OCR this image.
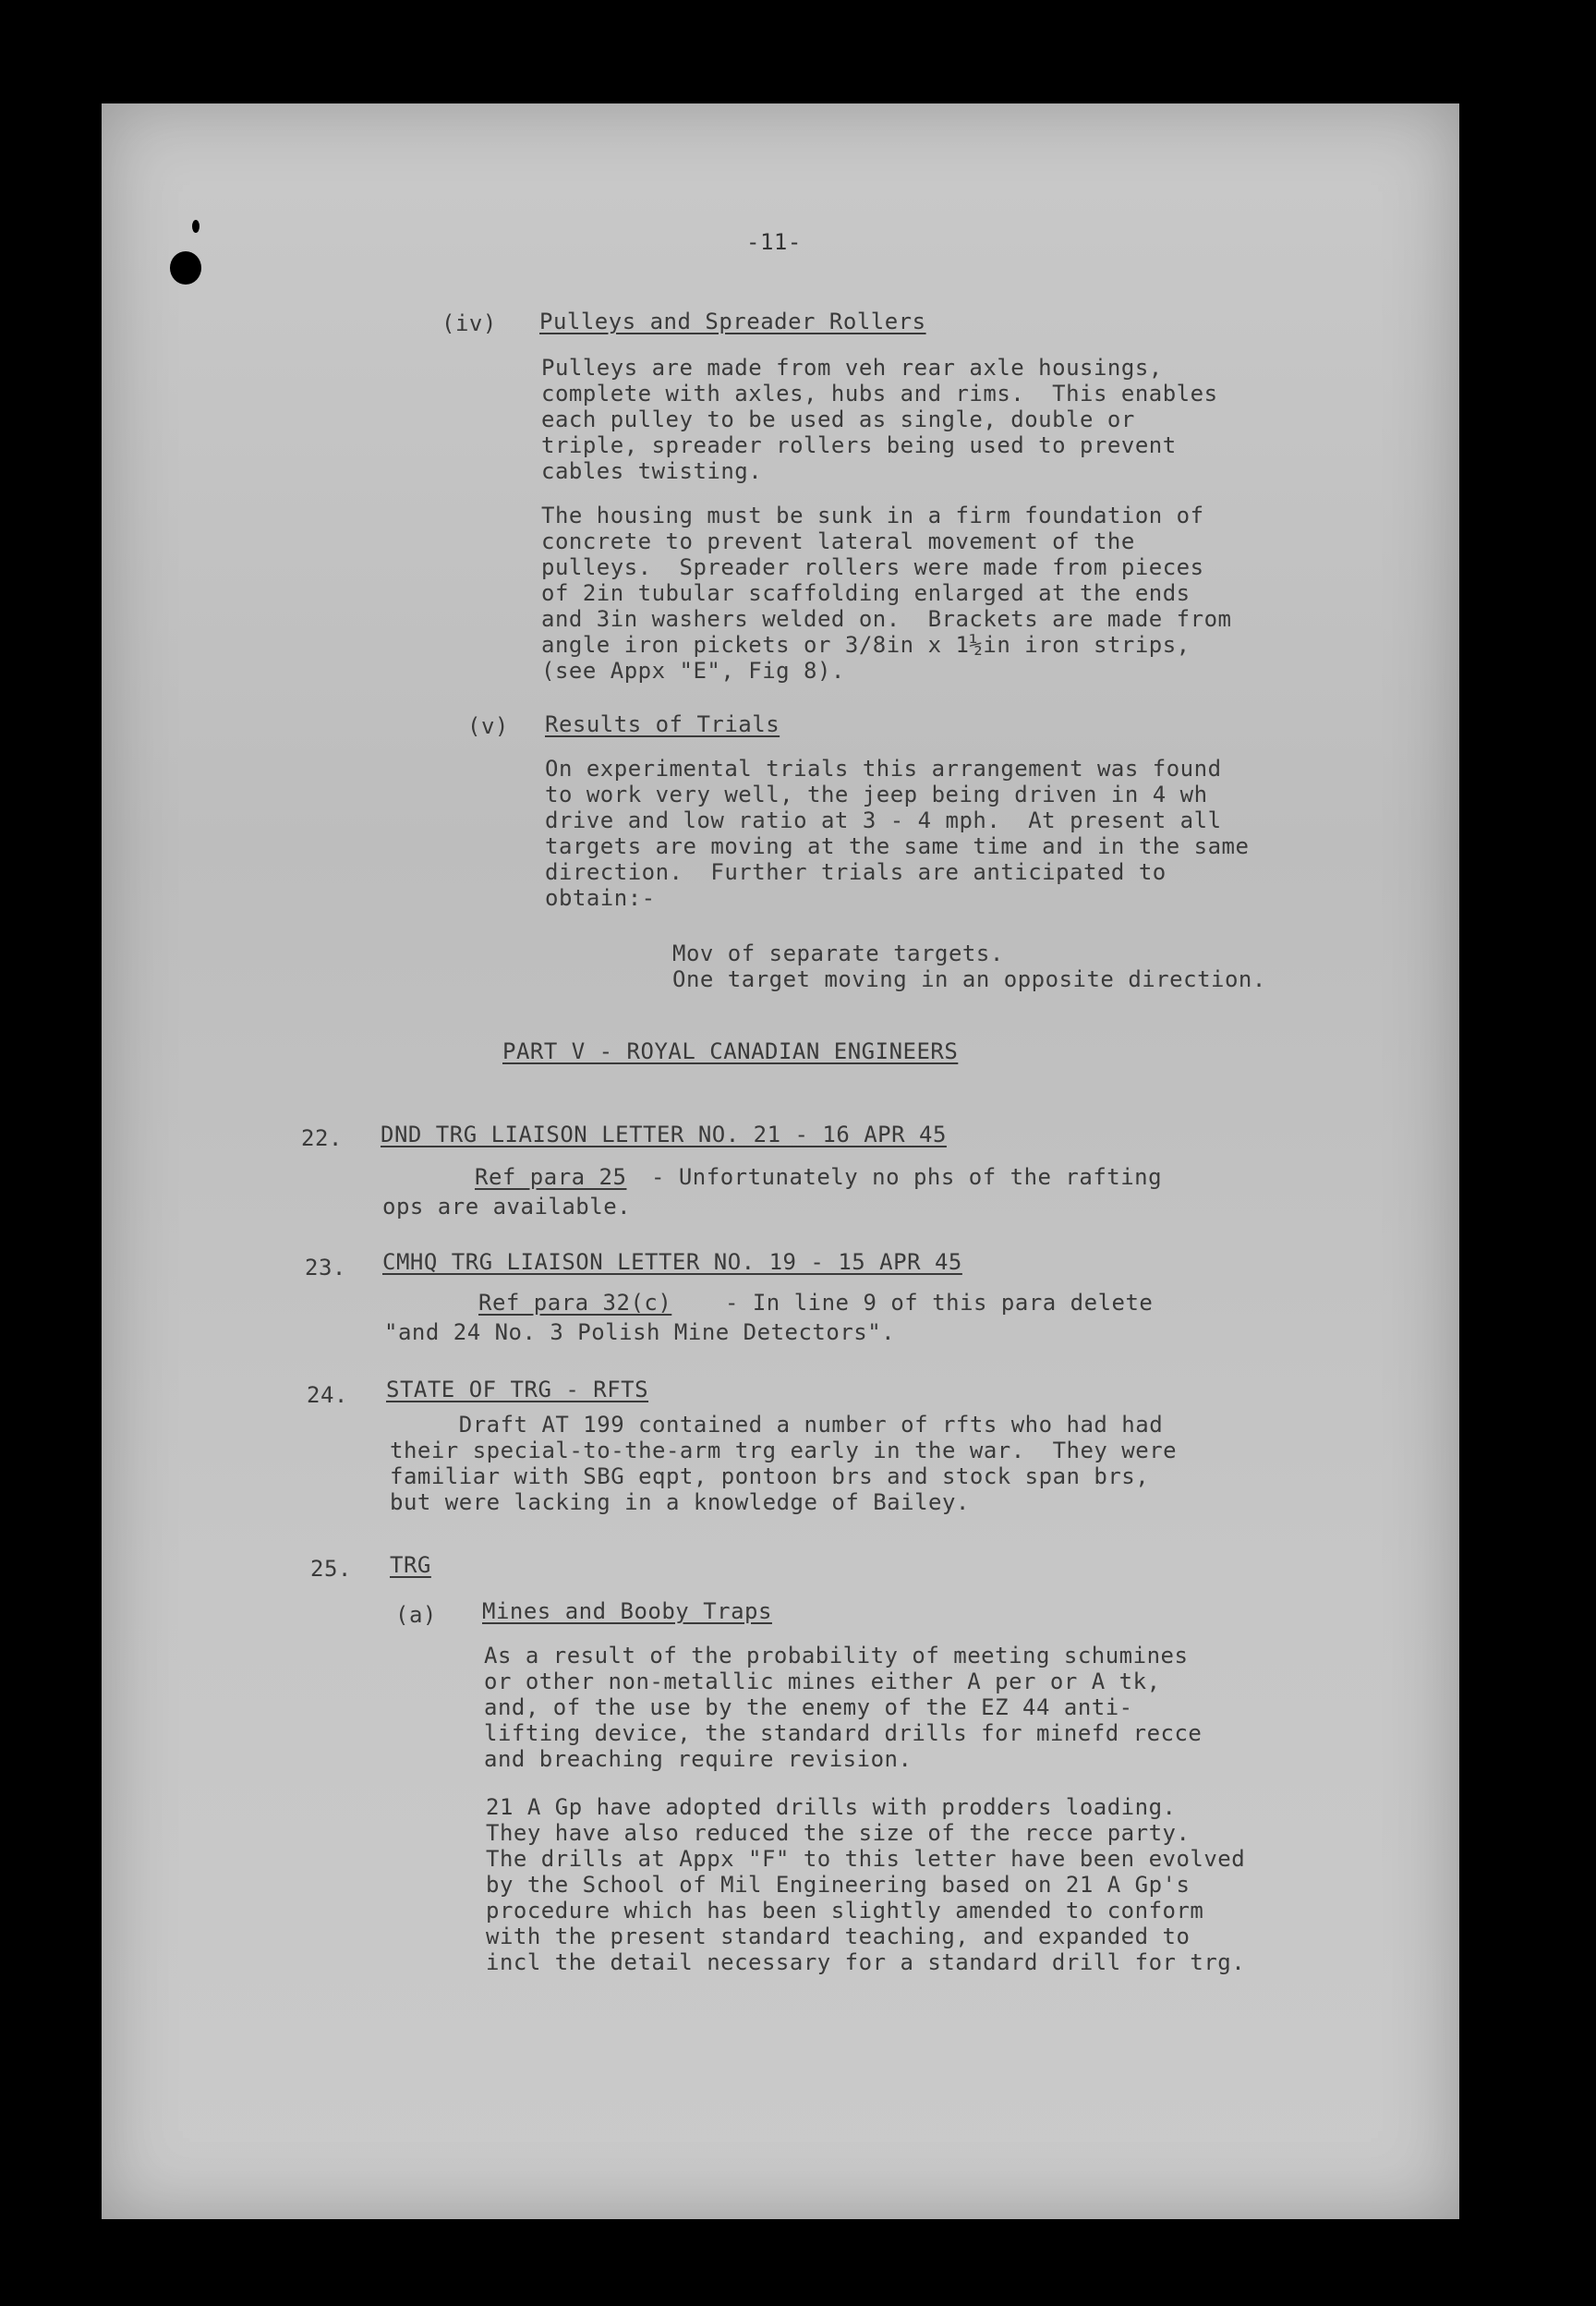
-11-
(iv) Pulleys and Spreader Rollers
Pulleys are made from veh rear axle housings,
complete with axles, hubs and rims.  This enables
each pulley to be used as single, double or
triple, spreader rollers being used to prevent
cables twisting.
The housing must be sunk in a firm foundation of
concrete to prevent lateral movement of the
pulleys.  Spreader rollers were made from pieces
of 2in tubular scaffolding enlarged at the ends
and 3in washers welded on.  Brackets are made from
angle iron pickets or 3/8in x 1½in iron strips,
(see Appx "E", Fig 8).
(v) Results of Trials
On experimental trials this arrangement was found
to work very well, the jeep being driven in 4 wh
drive and low ratio at 3 - 4 mph.  At present all
targets are moving at the same time and in the same
direction.  Further trials are anticipated to
obtain:-
Mov of separate targets.
One target moving in an opposite direction.
PART V - ROYAL CANADIAN ENGINEERS
22. DND TRG LIAISON LETTER NO. 21 - 16 APR 45
Ref para 25 - Unfortunately no phs of the rafting
ops are available.
23. CMHQ TRG LIAISON LETTER NO. 19 - 15 APR 45
Ref para 32(c) - In line 9 of this para delete
"and 24 No. 3 Polish Mine Detectors".
24. STATE OF TRG - RFTS
Draft AT 199 contained a number of rfts who had had
their special-to-the-arm trg early in the war.  They were
familiar with SBG eqpt, pontoon brs and stock span brs,
but were lacking in a knowledge of Bailey.
25. TRG
(a) Mines and Booby Traps
As a result of the probability of meeting schumines
or other non-metallic mines either A per or A tk,
and, of the use by the enemy of the EZ 44 anti-
lifting device, the standard drills for minefd recce
and breaching require revision.
21 A Gp have adopted drills with prodders loading.
They have also reduced the size of the recce party.
The drills at Appx "F" to this letter have been evolved
by the School of Mil Engineering based on 21 A Gp's
procedure which has been slightly amended to conform
with the present standard teaching, and expanded to
incl the detail necessary for a standard drill for trg.
